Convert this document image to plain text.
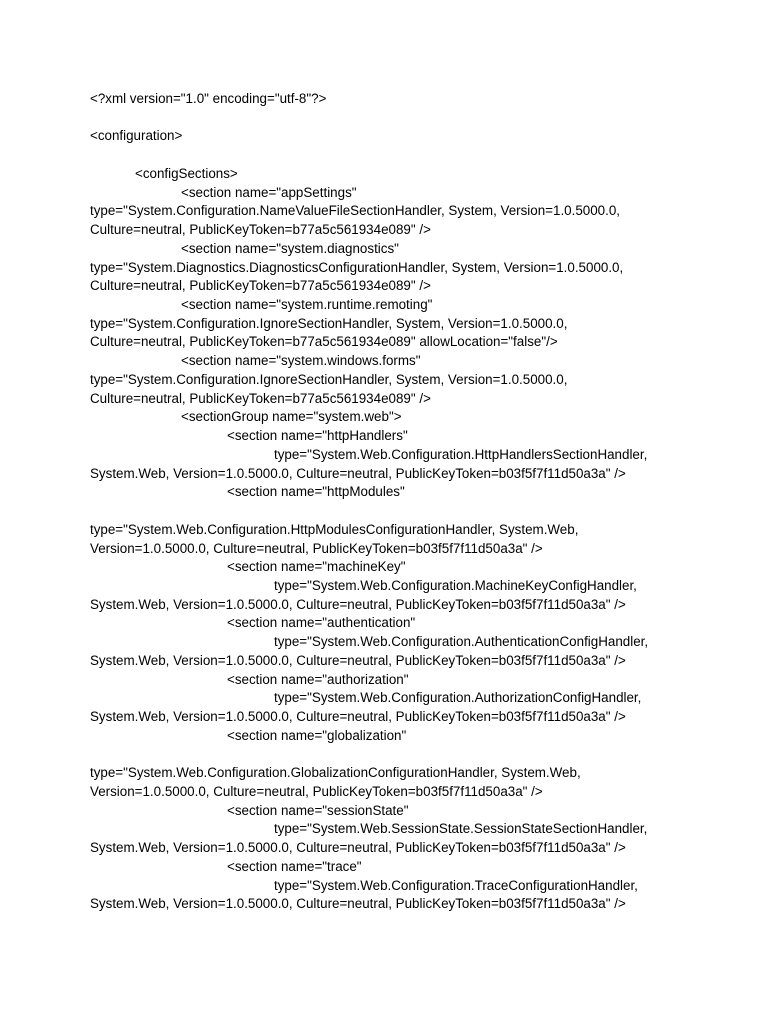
<?xml version="1.0" encoding="utf-8"?>
<configuration>
<configSections>
<section name="appSettings"
type="System.Configuration.NameValueFileSectionHandler, System, Version=1.0.5000.0,
Culture=neutral, PublicKeyToken=b77a5c561934e089" />
<section name="system.diagnostics"
type="System.Diagnostics.DiagnosticsConfigurationHandler, System, Version=1.0.5000.0,
Culture=neutral, PublicKeyToken=b77a5c561934e089" />
<section name="system.runtime.remoting"
type="System.Configuration.IgnoreSectionHandler, System, Version=1.0.5000.0,
Culture=neutral, PublicKeyToken=b77a5c561934e089" allowLocation="false"/>
<section name="system.windows.forms"
type="System.Configuration.IgnoreSectionHandler, System, Version=1.0.5000.0,
Culture=neutral, PublicKeyToken=b77a5c561934e089" />
<sectionGroup name="system.web">
<section name="httpHandlers"
type="System.Web.Configuration.HttpHandlersSectionHandler,
System.Web, Version=1.0.5000.0, Culture=neutral, PublicKeyToken=b03f5f7f11d50a3a" />
<section name="httpModules"
type="System.Web.Configuration.HttpModulesConfigurationHandler, System.Web,
Version=1.0.5000.0, Culture=neutral, PublicKeyToken=b03f5f7f11d50a3a" />
<section name="machineKey"
type="System.Web.Configuration.MachineKeyConfigHandler,
System.Web, Version=1.0.5000.0, Culture=neutral, PublicKeyToken=b03f5f7f11d50a3a" />
<section name="authentication"
type="System.Web.Configuration.AuthenticationConfigHandler,
System.Web, Version=1.0.5000.0, Culture=neutral, PublicKeyToken=b03f5f7f11d50a3a" />
<section name="authorization"
type="System.Web.Configuration.AuthorizationConfigHandler,
System.Web, Version=1.0.5000.0, Culture=neutral, PublicKeyToken=b03f5f7f11d50a3a" />
<section name="globalization"
type="System.Web.Configuration.GlobalizationConfigurationHandler, System.Web,
Version=1.0.5000.0, Culture=neutral, PublicKeyToken=b03f5f7f11d50a3a" />
<section name="sessionState"
type="System.Web.SessionState.SessionStateSectionHandler,
System.Web, Version=1.0.5000.0, Culture=neutral, PublicKeyToken=b03f5f7f11d50a3a" />
<section name="trace"
type="System.Web.Configuration.TraceConfigurationHandler,
System.Web, Version=1.0.5000.0, Culture=neutral, PublicKeyToken=b03f5f7f11d50a3a" />
